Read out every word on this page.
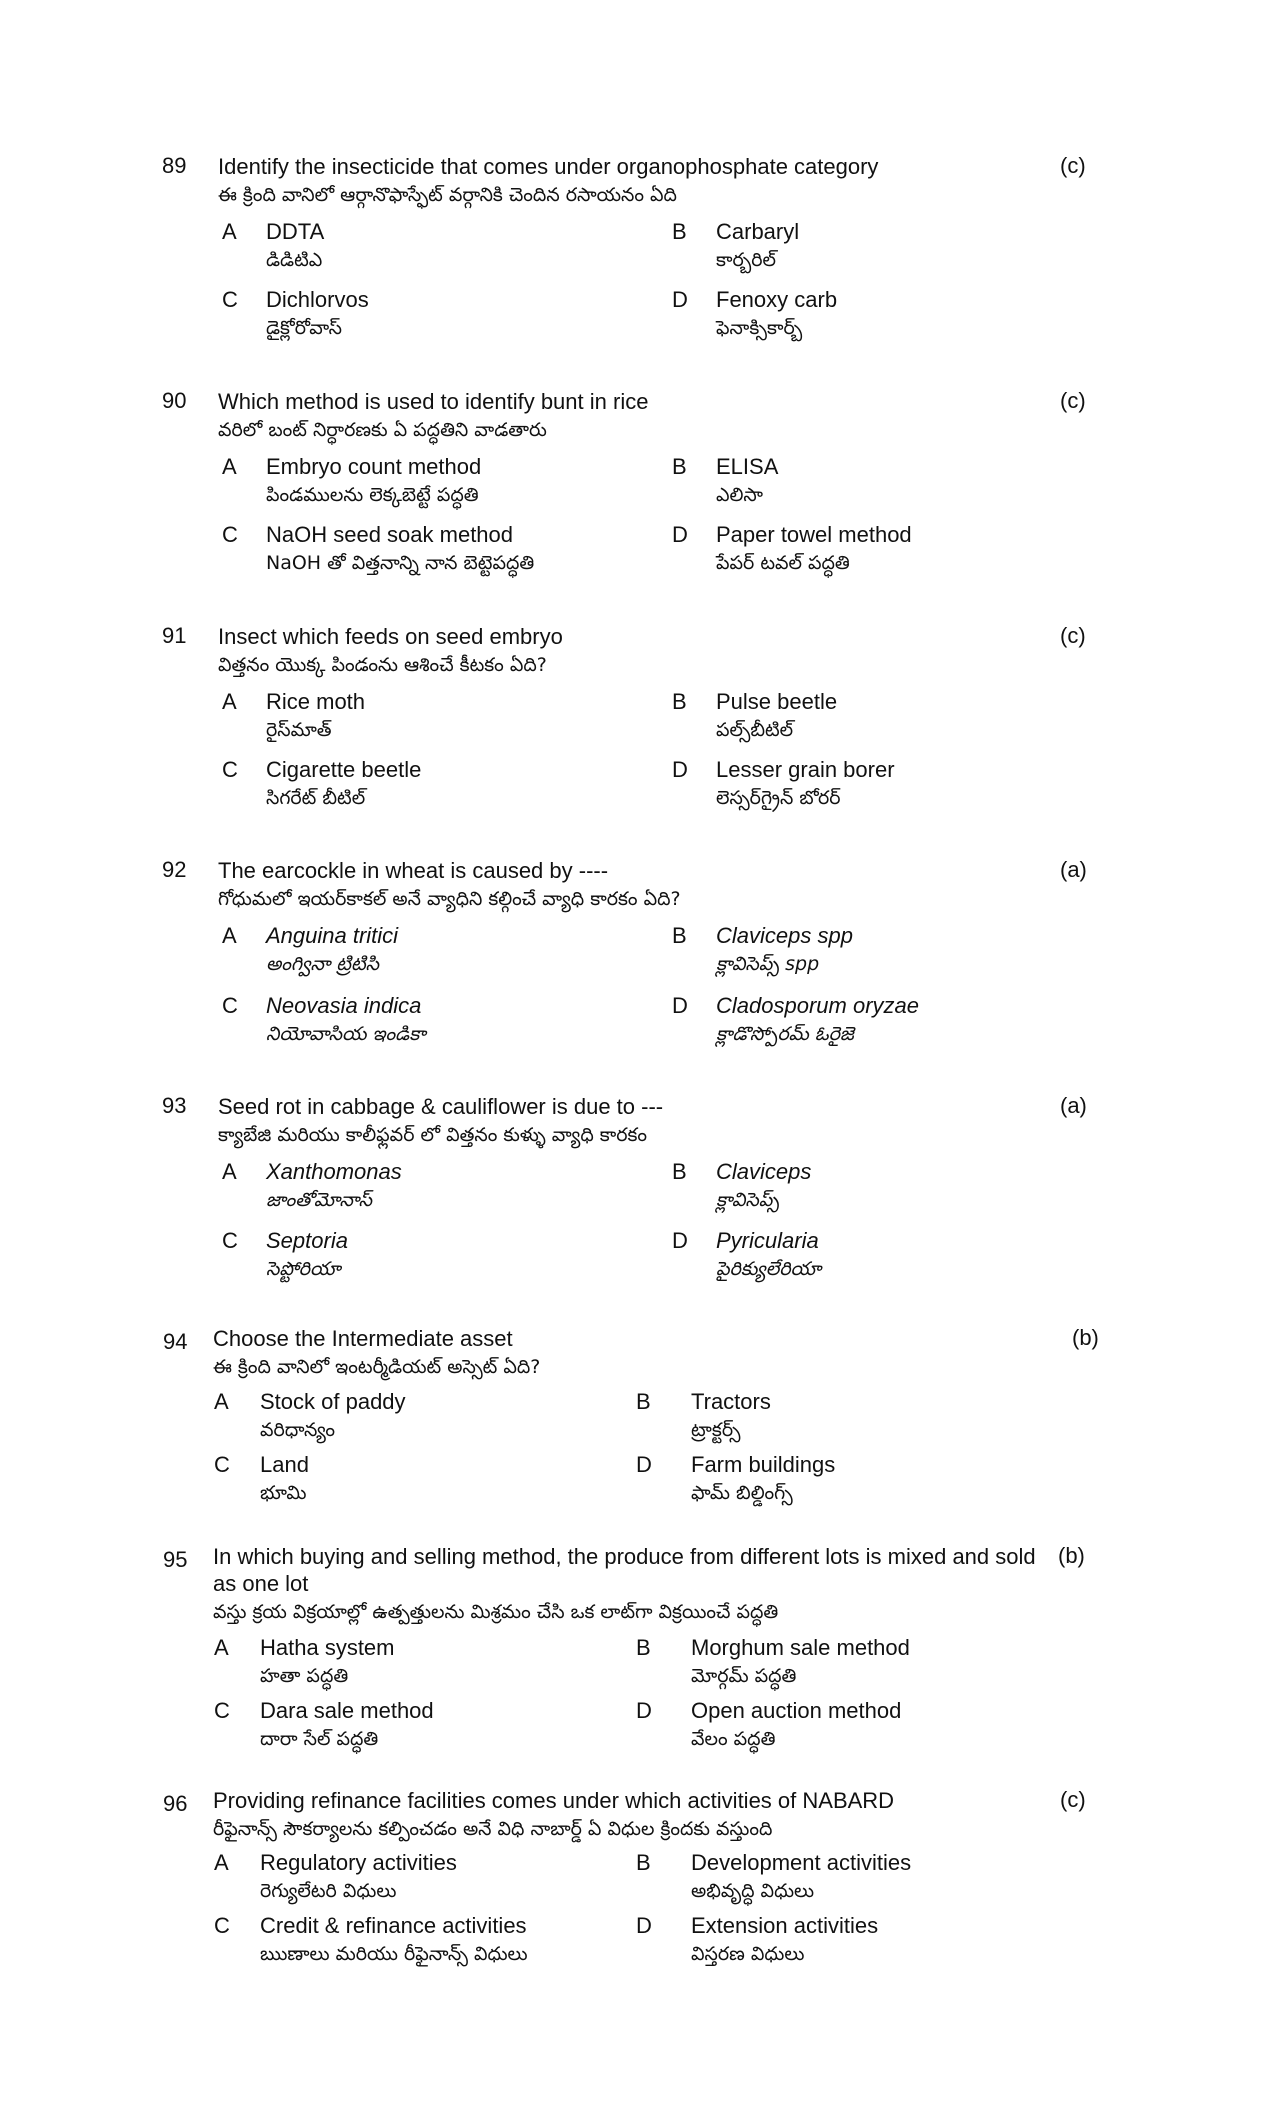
89 Identify the insecticide that comes under organophosphate category
ఈ క్రింది వానిలో ఆర్గానొఫాస్ఫేట్ వర్గానికి చెందిన రసాయనం ఏది
(c)
A DDTA
డిడిటిఎ
B Carbaryl
కార్బరిల్
C Dichlorvos
డైక్లోరోవాస్
D Fenoxy carb
ఫెనాక్సికార్బ్
90 Which method is used to identify bunt in rice
వరిలో బంట్ నిర్ధారణకు ఏ పద్ధతిని వాడతారు
(c)
A Embryo count method
పిండములను లెక్కబెట్టే పద్ధతి
B ELISA
ఎలిసా
C NaOH seed soak method
NaOH తో విత్తనాన్ని నాన బెట్టెపద్ధతి
D Paper towel method
పేపర్ టవల్ పద్ధతి
91 Insect which feeds on seed embryo
విత్తనం యొక్క పిండంను ఆశించే కీటకం ఏది?
(c)
A Rice moth
రైస్‌మాత్
B Pulse beetle
పల్స్‌బీటిల్
C Cigarette beetle
సిగరేట్ బీటిల్
D Lesser grain borer
లెస్సర్‌గ్రైన్ బోరర్
92 The earcockle in wheat is caused by ----
గోధుమలో ఇయర్‌కాకల్ అనే వ్యాధిని కల్గించే వ్యాధి కారకం ఏది?
(a)
A Anguina tritici
అంగ్వినా ట్రిటిసి
B Claviceps spp
క్లావిసెప్స్ spp
C Neovasia indica
నియోవాసియ ఇండికా
D Cladosporum oryzae
క్లాడొస్పోరమ్ ఓరైజె
93 Seed rot in cabbage & cauliflower is due to ---
క్యాబేజి మరియు కాలీఫ్లవర్ లో విత్తనం కుళ్ళు వ్యాధి కారకం
(a)
A Xanthomonas
జాంతోమోనాస్
B Claviceps
క్లావిసెప్స్
C Septoria
సెప్టోరియా
D Pyricularia
పైరిక్యులేరియా
94 Choose the Intermediate asset
ఈ క్రింది వానిలో ఇంటర్మీడియట్ అస్సెట్ ఏది?
(b)
A Stock of paddy
వరిధాన్యం
B Tractors
ట్రాక్టర్స్
C Land
భూమి
D Farm buildings
ఫామ్ బిల్డింగ్స్
95 In which buying and selling method, the produce from different lots is mixed and sold as one lot
వస్తు క్రయ విక్రయాల్లో ఉత్పత్తులను మిశ్రమం చేసి ఒక లాట్‌గా విక్రయించే పద్ధతి
(b)
A Hatha system
హతా పద్ధతి
B Morghum sale method
మోర్గమ్ పద్ధతి
C Dara sale method
దారా సేల్ పద్ధతి
D Open auction method
వేలం పద్ధతి
96 Providing refinance facilities comes under which activities of NABARD
రీఫైనాన్స్ సౌకర్యాలను కల్పించడం అనే విధి నాబార్డ్ ఏ విధుల క్రిందకు వస్తుంది
(c)
A Regulatory activities
రెగ్యులేటరి విధులు
B Development activities
అభివృద్ధి విధులు
C Credit & refinance activities
ఋణాలు మరియు రీఫైనాన్స్ విధులు
D Extension activities
విస్తరణ విధులు
